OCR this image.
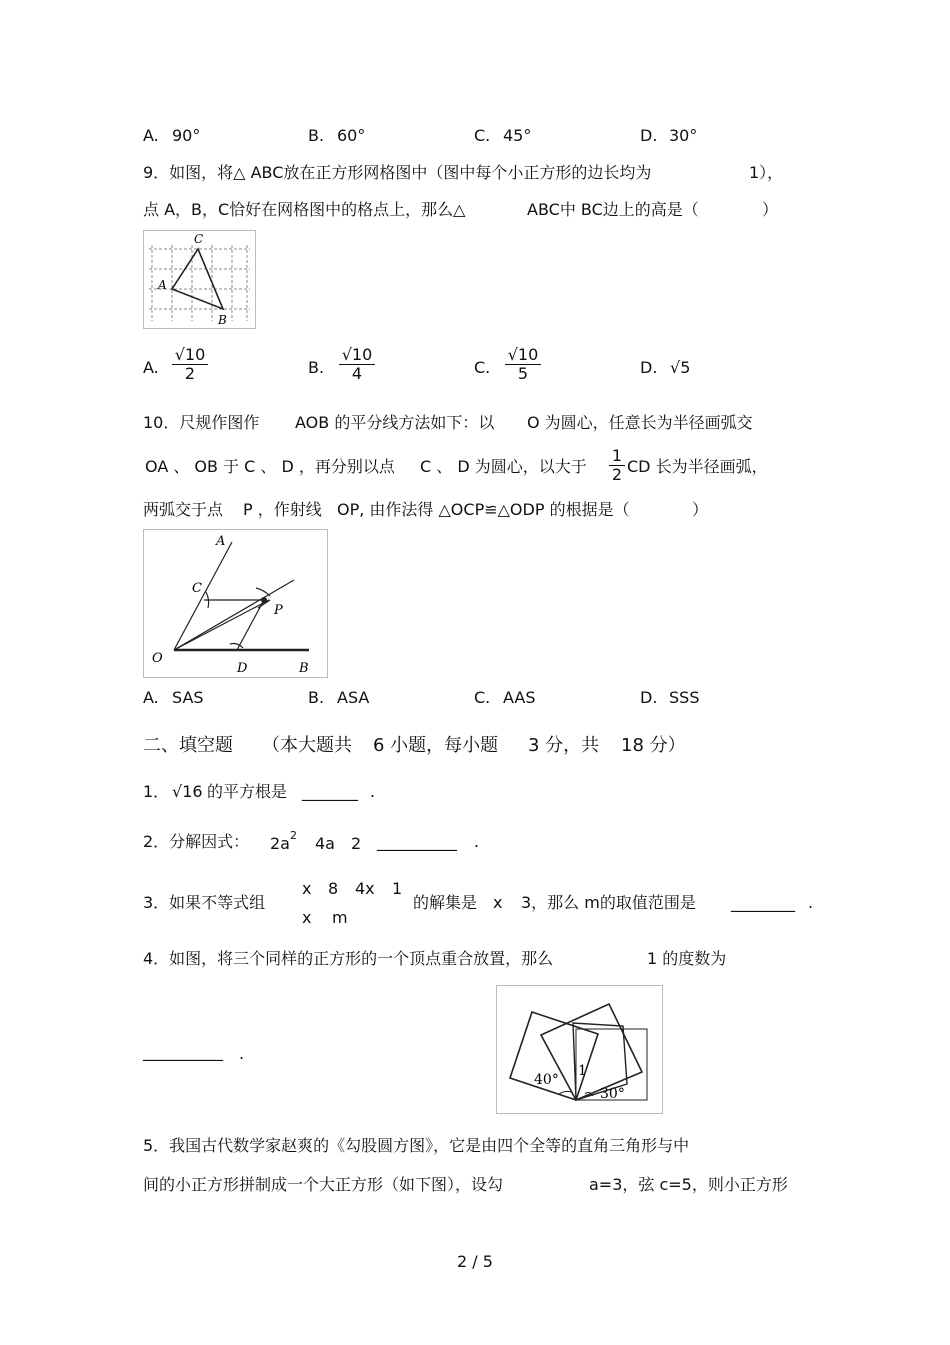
A. 90°	B. 60°	C. 45°	D. 30°
9．如图，将△ ABC放在正方形网格图中（图中每个小正方形的边长均为	1），
点 A，B，C恰好在网格图中的格点上，那么△	ABC中 BC边上的高是（	）
C
A
B
A. $\frac{√10}{2}$	B. $\frac{√10}{4}$	C. $\frac{√10}{5}$	D. √5
10．尺规作图作 AOB 的平分线方法如下：以 O 为圆心，任意长为半径画弧交
OA 、 OB 于 C 、 D ，再分别以点 C 、 D 为圆心，以大于 $\frac{1}{2}$ CD 长为半径画弧，
两弧交于点 P ，作射线 OP, 由作法得 △OCP≌△ODP 的根据是（	）
A
C
P
O
D	B
A. SAS	B. ASA	C. AAS	D. SSS
二、填空题 （本大题共 6 小题，每小题 3 分，共 18 分）
1． √16 的平方根是 _______ .
2．分解因式： 2a 2 4a 2 __________ .
3．如果不等式组
x 8 4x 1
x m
的解集是 x 3，那么 m的取值范围是 ________ .
4．如图，将三个同样的正方形的一个顶点重合放置，那么	1 的度数为
__________ .
40°
1
30°
5．我国古代数学家赵爽的《勾股圆方图》，它是由四个全等的直角三角形与中
间的小正方形拼制成一个大正方形（如下图），设勾	a=3，弦 c=5，则小正方形
2 / 5
